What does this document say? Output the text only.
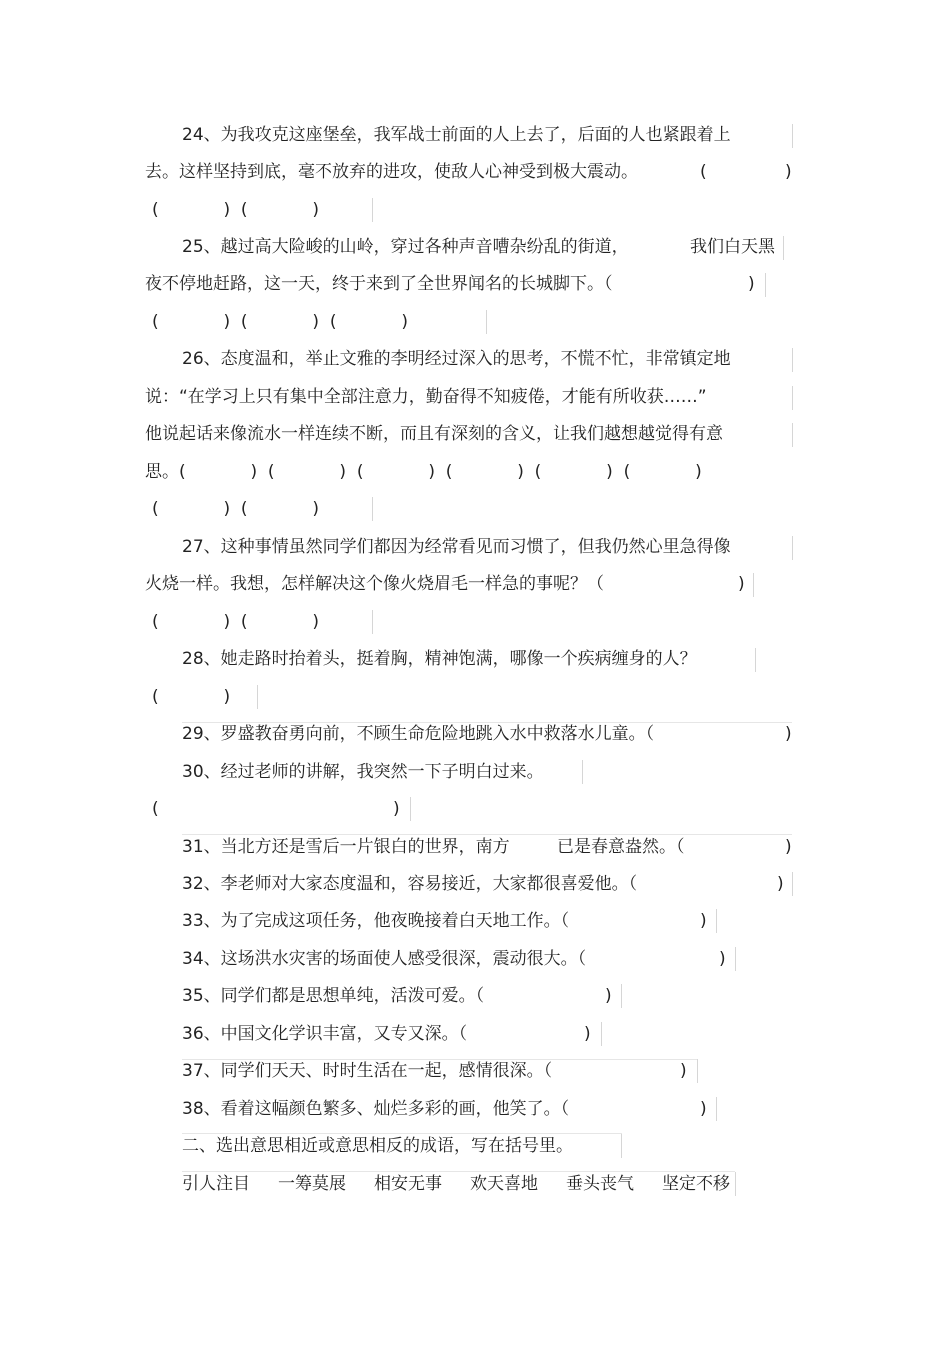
24、为我攻克这座堡垒，我军战士前面的人上去了，后面的人也紧跟着上
去。这样坚持到底，毫不放弃的进攻，使敌人心神受到极大震动。	(	)
(            )  (            )
25、越过高大险峻的山岭，穿过各种声音嘈杂纷乱的街道，	我们白天黑
夜不停地赶路，这一天，终于来到了全世界闻名的长城脚下。（	)
(            )  (            )  (            )
26、态度温和，举止文雅的李明经过深入的思考，不慌不忙，非常镇定地
说：“在学习上只有集中全部注意力，勤奋得不知疲倦，才能有所收获……”
他说起话来像流水一样连续不断，而且有深刻的含义，让我们越想越觉得有意
思。(            )  (            )  (            )  (            )  (            )  (            )
(            )  (            )
27、这种事情虽然同学们都因为经常看见而习惯了，但我仍然心里急得像
火烧一样。我想，怎样解决这个像火烧眉毛一样急的事呢？（	)
(            )  (            )
28、她走路时抬着头，挺着胸，精神饱满，哪像一个疾病缠身的人？
(            )
29、罗盛教奋勇向前，不顾生命危险地跳入水中救落水儿童。（	)
30、经过老师的讲解，我突然一下子明白过来。
(	)
31、当北方还是雪后一片银白的世界，南方	已是春意盎然。（	)
32、李老师对大家态度温和，容易接近，大家都很喜爱他。（	)
33、为了完成这项任务，他夜晚接着白天地工作。（	)
34、这场洪水灾害的场面使人感受很深，震动很大。（	)
35、同学们都是思想单纯，活泼可爱。（	)
36、中国文化学识丰富，又专又深。（	)
37、同学们天天、时时生活在一起，感情很深。（	)
38、看着这幅颜色繁多、灿烂多彩的画，他笑了。（	)
二、选出意思相近或意思相反的成语，写在括号里。
引人注目 一筹莫展 相安无事 欢天喜地 垂头丧气 坚定不移
